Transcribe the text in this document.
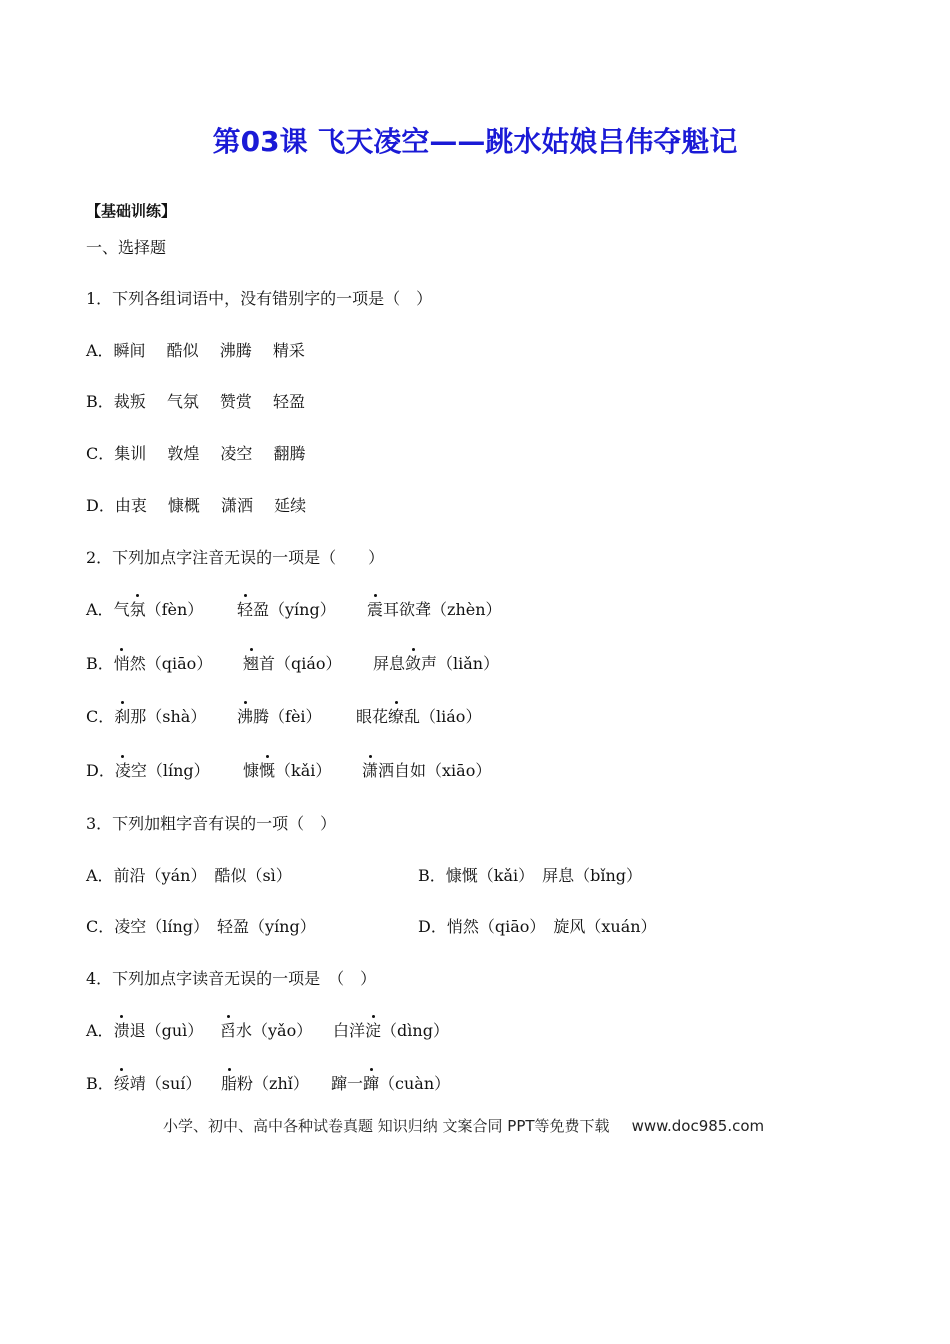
第03课 飞天凌空——跳水姑娘吕伟夺魁记
【基础训练】
一、选择题
1．下列各组词语中，没有错别字的一项是（　）
A．瞬间　 酷似　 沸腾　 精采
B．裁叛　 气氛　 赞赏　 轻盈
C．集训　 敦煌　 凌空　 翻腾
D．由衷　 慷概　 潇洒　 延续
2．下列加点字注音无误的一项是（　　）
A．气氛（fèn） 轻盈（yíng） 震耳欲聋（zhèn）
B．悄然（qiāo） 翘首（qiáo） 屏息敛声（liǎn）
C．刹那（shà） 沸腾（fèi） 眼花缭乱（liáo）
D．凌空（líng） 慷慨（kǎi） 潇洒自如（xiāo）
3．下列加粗字音有误的一项（　）
A．前沿（yán）　酷似（sì）	B．慷慨（kǎi）　屏息（bǐng）
C．凌空（líng）　轻盈（yíng）	D．悄然（qiāo）　旋风（xuán）
4．下列加点字读音无误的一项是　（　）
A．溃退（guì） 舀水（yǎo） 白洋淀（dìng）
B．绥靖（suí） 脂粉（zhǐ） 蹿一蹿（cuàn）
小学、初中、高中各种试卷真题 知识归纳 文案合同 PPT等免费下载 www.doc985.com
